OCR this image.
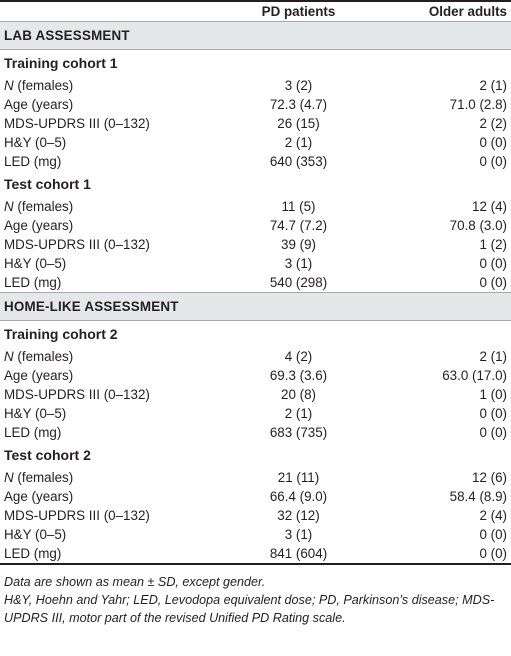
	PD patients	Older adults
LAB ASSESSMENT		
Training cohort 1		
N (females)	3 (2)	2 (1)
Age (years)	72.3 (4.7)	71.0 (2.8)
MDS-UPDRS III (0–132)	26 (15)	2 (2)
H&Y (0–5)	2 (1)	0 (0)
LED (mg)	640 (353)	0 (0)
Test cohort 1		
N (females)	11 (5)	12 (4)
Age (years)	74.7 (7.2)	70.8 (3.0)
MDS-UPDRS III (0–132)	39 (9)	1 (2)
H&Y (0–5)	3 (1)	0 (0)
LED (mg)	540 (298)	0 (0)
HOME-LIKE ASSESSMENT		
Training cohort 2		
N (females)	4 (2)	2 (1)
Age (years)	69.3 (3.6)	63.0 (17.0)
MDS-UPDRS III (0–132)	20 (8)	1 (0)
H&Y (0–5)	2 (1)	0 (0)
LED (mg)	683 (735)	0 (0)
Test cohort 2		
N (females)	21 (11)	12 (6)
Age (years)	66.4 (9.0)	58.4 (8.9)
MDS-UPDRS III (0–132)	32 (12)	2 (4)
H&Y (0–5)	3 (1)	0 (0)
LED (mg)	841 (604)	0 (0)
Data are shown as mean ± SD, except gender.
H&Y, Hoehn and Yahr; LED, Levodopa equivalent dose; PD, Parkinson’s disease; MDS-UPDRS III, motor part of the revised Unified PD Rating scale.
